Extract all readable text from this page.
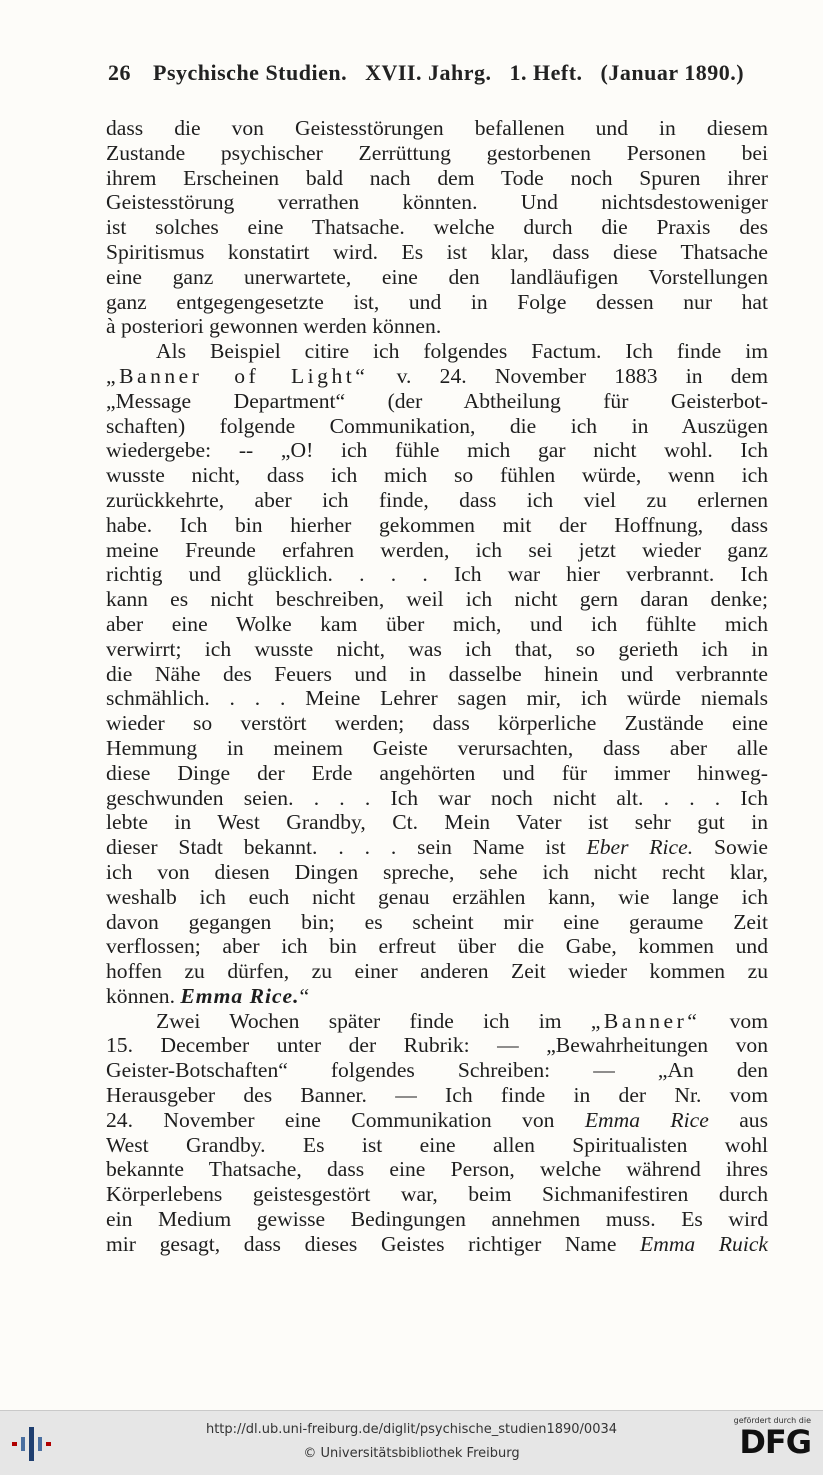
26 Psychische Studien. XVII. Jahrg. 1. Heft. (Januar 1890.)
dass die von Geistesstörungen befallenen und in diesem
Zustande psychischer Zerrüttung gestorbenen Personen bei
ihrem Erscheinen bald nach dem Tode noch Spuren ihrer
Geistesstörung verrathen könnten. Und nichtsdestoweniger
ist solches eine Thatsache. welche durch die Praxis des
Spiritismus konstatirt wird. Es ist klar, dass diese Thatsache
eine ganz unerwartete, eine den landläufigen Vorstellungen
ganz entgegengesetzte ist, und in Folge dessen nur hat
à posteriori gewonnen werden können.
Als Beispiel citire ich folgendes Factum. Ich finde im
„Banner of Light“ v. 24. November 1883 in dem
„Message Department“ (der Abtheilung für Geisterbot-
schaften) folgende Communikation, die ich in Auszügen
wiedergebe: -- „O! ich fühle mich gar nicht wohl. Ich
wusste nicht, dass ich mich so fühlen würde, wenn ich
zurückkehrte, aber ich finde, dass ich viel zu erlernen
habe. Ich bin hierher gekommen mit der Hoffnung, dass
meine Freunde erfahren werden, ich sei jetzt wieder ganz
richtig und glücklich. . . . Ich war hier verbrannt. Ich
kann es nicht beschreiben, weil ich nicht gern daran denke;
aber eine Wolke kam über mich, und ich fühlte mich
verwirrt; ich wusste nicht, was ich that, so gerieth ich in
die Nähe des Feuers und in dasselbe hinein und verbrannte
schmählich. . . . Meine Lehrer sagen mir, ich würde niemals
wieder so verstört werden; dass körperliche Zustände eine
Hemmung in meinem Geiste verursachten, dass aber alle
diese Dinge der Erde angehörten und für immer hinweg-
geschwunden seien. . . . Ich war noch nicht alt. . . . Ich
lebte in West Grandby, Ct. Mein Vater ist sehr gut in
dieser Stadt bekannt. . . . sein Name ist Eber Rice. Sowie
ich von diesen Dingen spreche, sehe ich nicht recht klar,
weshalb ich euch nicht genau erzählen kann, wie lange ich
davon gegangen bin; es scheint mir eine geraume Zeit
verflossen; aber ich bin erfreut über die Gabe, kommen und
hoffen zu dürfen, zu einer anderen Zeit wieder kommen zu
können. Emma Rice.“
Zwei Wochen später finde ich im „Banner“ vom
15. December unter der Rubrik: — „Bewahrheitungen von
Geister-Botschaften“ folgendes Schreiben: — „An den
Herausgeber des Banner. — Ich finde in der Nr. vom
24. November eine Communikation von Emma Rice aus
West Grandby. Es ist eine allen Spiritualisten wohl
bekannte Thatsache, dass eine Person, welche während ihres
Körperlebens geistesgestört war, beim Sichmanifestiren durch
ein Medium gewisse Bedingungen annehmen muss. Es wird
mir gesagt, dass dieses Geistes richtiger Name Emma Ruick
http://dl.ub.uni-freiburg.de/diglit/psychische_studien1890/0034
© Universitätsbibliothek Freiburg
gefördert durch die
DFG
